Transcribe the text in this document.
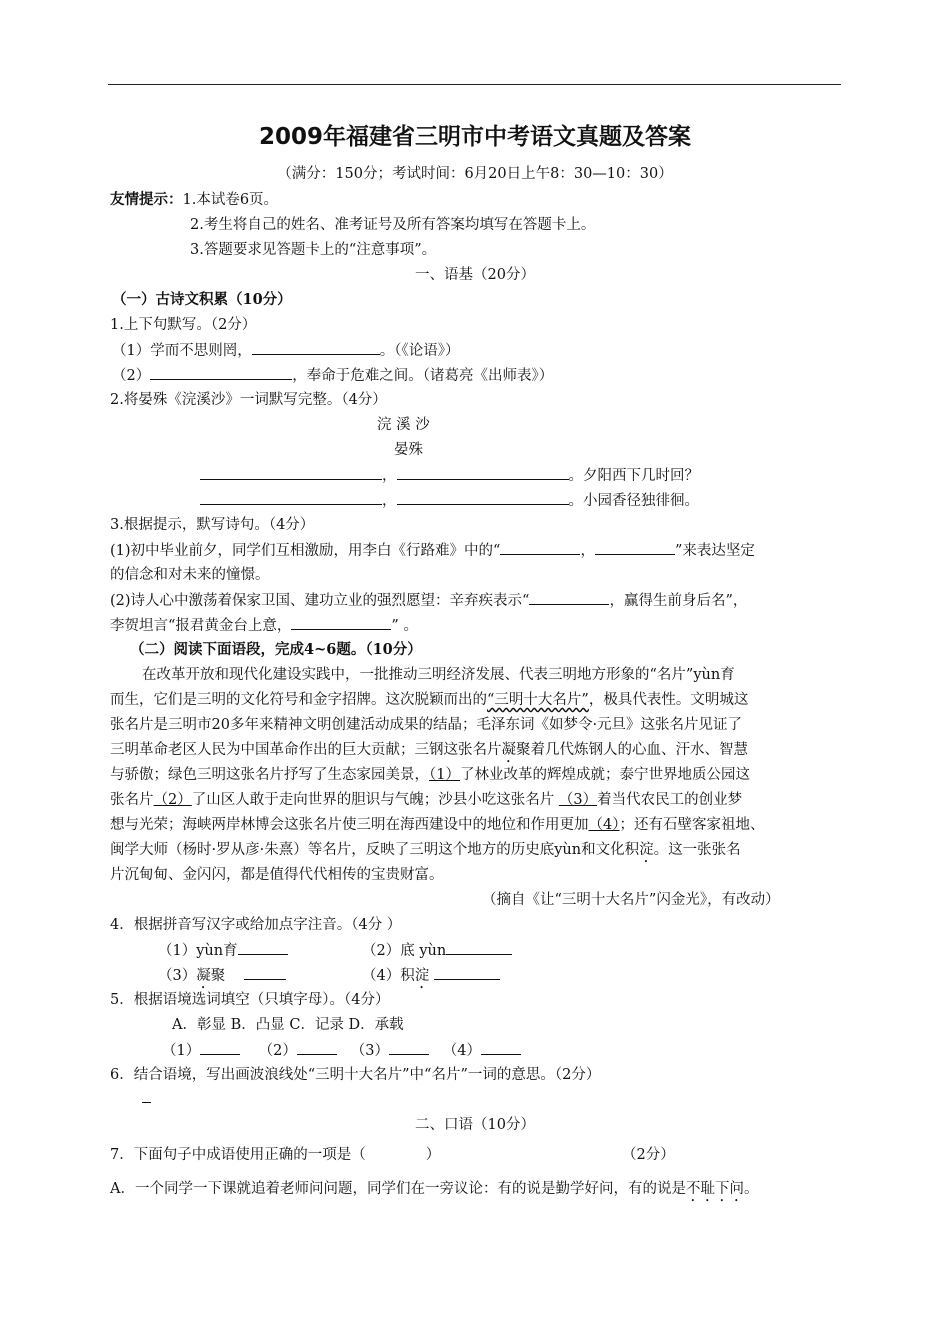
2009年福建省三明市中考语文真题及答案
（满分：150分；考试时间：6月20日上午8：30—10：30）
友情提示：1.本试卷6页。
2.考生将自己的姓名、准考证号及所有答案均填写在答题卡上。
3.答题要求见答题卡上的“注意事项”。
一、语基（20分）
（一）古诗文积累（10分）
1.上下句默写。（2分）
（1）学而不思则罔，	。（《论语》）
（2）	，奉命于危难之间。（诸葛亮《出师表》）
2.将晏殊《浣溪沙》一词默写完整。（4分）
浣 溪 沙
晏殊
，	。夕阳西下几时回？
，	。小园香径独徘徊。
3.根据提示，默写诗句。（4分）
(1)初中毕业前夕，同学们互相激励，用李白《行路难》中的“	，	”来表达坚定
的信念和对未来的憧憬。
(2)诗人心中激荡着保家卫国、建功立业的强烈愿望：辛弃疾表示“	，赢得生前身后名”，
李贺坦言“报君黄金台上意，	” 。
（二）阅读下面语段，完成4~6题。（10分）
在改革开放和现代化建设实践中，一批推动三明经济发展、代表三明地方形象的“名片”yùn育
而生，它们是三明的文化符号和金字招牌。这次脱颖而出的“三明十大名片”，极具代表性。文明城这
张名片是三明市20多年来精神文明创建活动成果的结晶；毛泽东词《如梦令·元旦》这张名片见证了
三明革命老区人民为中国革命作出的巨大贡献；三钢这张名片凝聚着几代炼钢人的心血、汗水、智慧
与骄傲；绿色三明这张名片抒写了生态家园美景，（1）了林业改革的辉煌成就；泰宁世界地质公园这
张名片（2）了山区人敢于走向世界的胆识与气魄；沙县小吃这张名片 （3）着当代农民工的创业梦
想与光荣；海峡两岸林博会这张名片使三明在海西建设中的地位和作用更加（4）；还有石壁客家祖地、
闽学大师（杨时·罗从彦·朱熹）等名片，反映了三明这个地方的历史底yùn和文化积淀。这一张张名
片沉甸甸、金闪闪，都是值得代代相传的宝贵财富。
（摘自《让“三明十大名片”闪金光》，有改动）
4．根据拼音写汉字或给加点字注音。（4分 ）
（1）yùn育	（2）底 yùn
（3）凝聚	（4）积淀
5．根据语境选词填空（只填字母）。（4分）
A．彰显 B．凸显 C．记录 D．承载
（1）	（2）	（3）	（4）
6．结合语境，写出画波浪线处“三明十大名片”中“名片”一词的意思。（2分）
二、口语（10分）
7．下面句子中成语使用正确的一项是（	）	（2分）
A．一个同学一下课就追着老师问问题，同学们在一旁议论：有的说是勤学好问，有的说是不耻下问。
